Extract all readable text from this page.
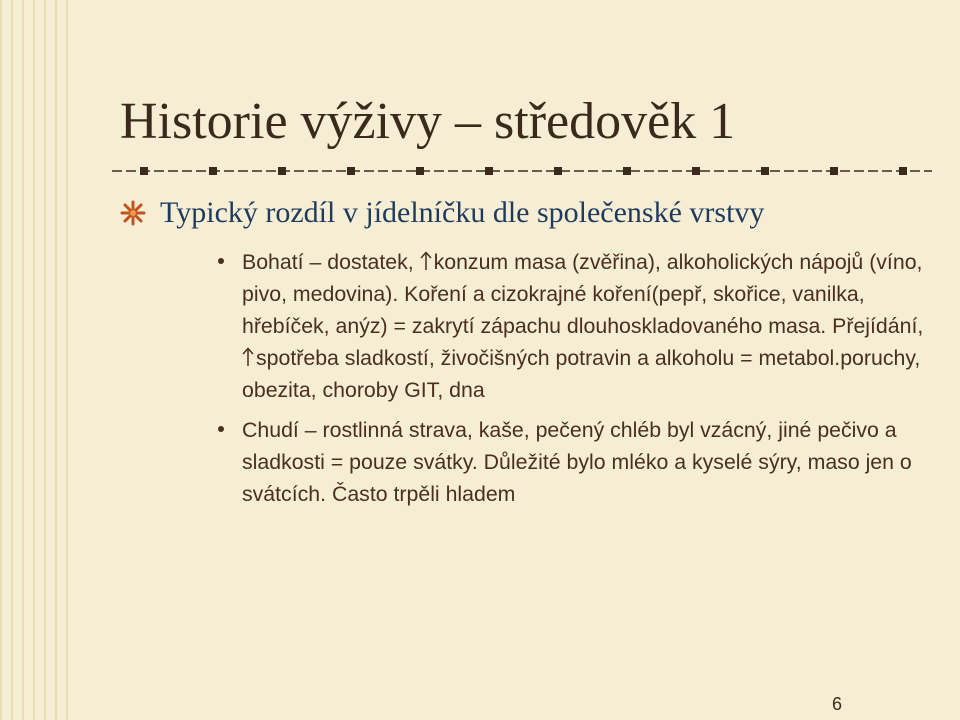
Historie výživy – středověk 1
Typický rozdíl v jídelníčku dle společenské vrstvy
Bohatí – dostatek, konzum masa (zvěřina), alkoholických nápojů (víno, pivo, medovina). Koření a cizokrajné koření(pepř, skořice, vanilka, hřebíček, anýz) = zakrytí zápachu dlouhoskladovaného masa. Přejídání, spotřeba sladkostí, živočišných potravin a alkoholu = metabol.poruchy, obezita, choroby GIT, dna
Chudí – rostlinná strava, kaše, pečený chléb byl vzácný, jiné pečivo a sladkosti = pouze svátky. Důležité bylo mléko a kyselé sýry, maso jen o svátcích. Často trpěli hladem
6
